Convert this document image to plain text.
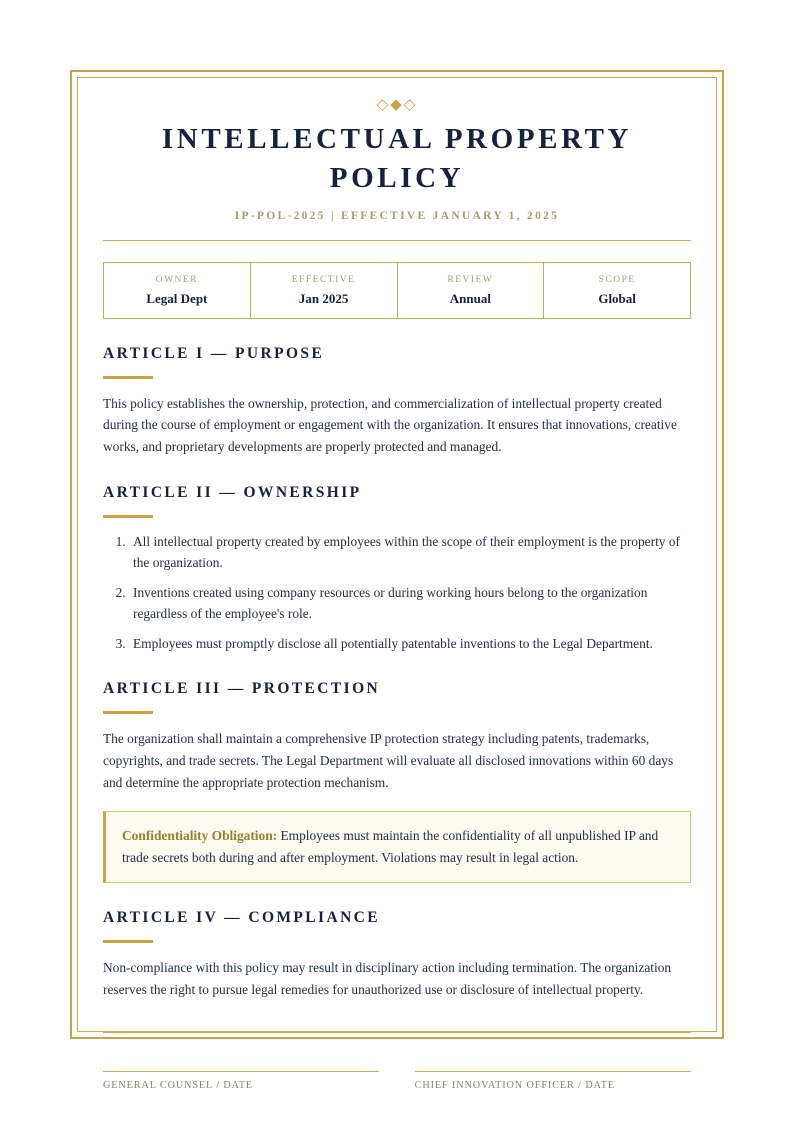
◇◆◇
INTELLECTUAL PROPERTY POLICY
IP-POL-2025 | EFFECTIVE JANUARY 1, 2025
OWNER
Legal Dept
EFFECTIVE
Jan 2025
REVIEW
Annual
SCOPE
Global
ARTICLE I — PURPOSE

This policy establishes the ownership, protection, and commercialization of intellectual property created during the course of employment or engagement with the organization. It ensures that innovations, creative works, and proprietary developments are properly protected and managed.

ARTICLE II — OWNERSHIP
1. All intellectual property created by employees within the scope of their employment is the property of the organization.
2. Inventions created using company resources or during working hours belong to the organization regardless of the employee's role.
3. Employees must promptly disclose all potentially patentable inventions to the Legal Department.
ARTICLE III — PROTECTION

The organization shall maintain a comprehensive IP protection strategy including patents, trademarks, copyrights, and trade secrets. The Legal Department will evaluate all disclosed innovations within 60 days and determine the appropriate protection mechanism.

Confidentiality Obligation: Employees must maintain the confidentiality of all unpublished IP and trade secrets both during and after employment. Violations may result in legal action.
ARTICLE IV — COMPLIANCE

Non-compliance with this policy may result in disciplinary action including termination. The organization reserves the right to pursue legal remedies for unauthorized use or disclosure of intellectual property.

GENERAL COUNSEL / DATE	CHIEF INNOVATION OFFICER / DATE
